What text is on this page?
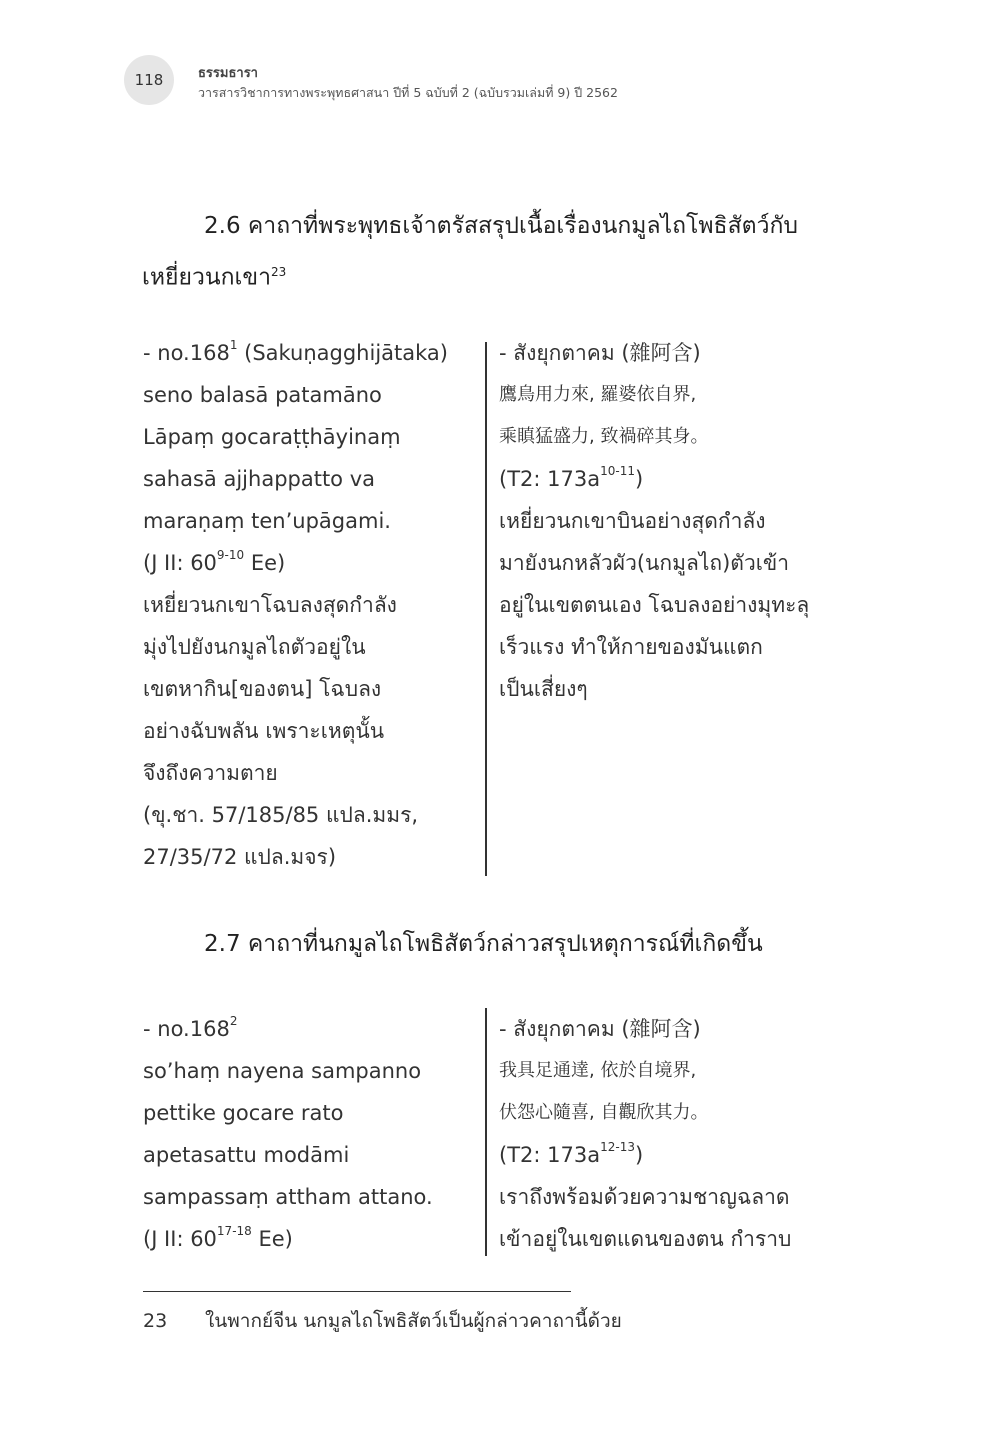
118	ธรรมธารา
วารสารวิชาการทางพระพุทธศาสนา ปีที่ 5 ฉบับที่ 2 (ฉบับรวมเล่มที่ 9) ปี 2562
2.6 คาถาที่พระพุทธเจ้าตรัสสรุปเนื้อเรื่องนกมูลไถโพธิสัตว์กับ
เหยี่ยวนกเขา$^{23}$
- no.168$^1$ (Sakuṇagghijātaka)
seno balasā patamāno
Lāpaṃ gocaraṭṭhāyinaṃ
sahasā ajjhappatto va
maraṇaṃ ten’upāgami.
(J II: 60$^{9-10}$ Ee)
เหยี่ยวนกเขาโฉบลงสุดกำลัง
มุ่งไปยังนกมูลไถตัวอยู่ใน
เขตหากิน[ของตน] โฉบลง
อย่างฉับพลัน เพราะเหตุนั้น
จึงถึงความตาย
(ขุ.ชา. 57/185/85 แปล.มมร,
27/35/72 แปล.มจร)
- สังยุกตาคม (雜阿含)
鷹鳥用力來, 羅婆依自界,
乘瞋猛盛力, 致禍碎其身。
(T2: $173a^{10-11}$)
เหยี่ยวนกเขาบินอย่างสุดกำลัง
มายังนกหลัวผัว(นกมูลไถ)ตัวเข้า
อยู่ในเขตตนเอง โฉบลงอย่างมุทะลุ
เร็วแรง ทำให้กายของมันแตก
เป็นเสี่ยงๆ
2.7 คาถาที่นกมูลไถโพธิสัตว์กล่าวสรุปเหตุการณ์ที่เกิดขึ้น
- no.168$^2$
so’haṃ nayena sampanno
pettike gocare rato
apetasattu modāmi
sampassaṃ attham attano.
(J II: 60$^{17-18}$ Ee)
- สังยุกตาคม (雜阿含)
我具足通達, 依於自境界,
伏怨心隨喜, 自觀欣其力。
(T2: $173a^{12-13}$)
เราถึงพร้อมด้วยความชาญฉลาด
เข้าอยู่ในเขตแดนของตน กำราบ
23 ในพากย์จีน นกมูลไถโพธิสัตว์เป็นผู้กล่าวคาถานี้ด้วย
